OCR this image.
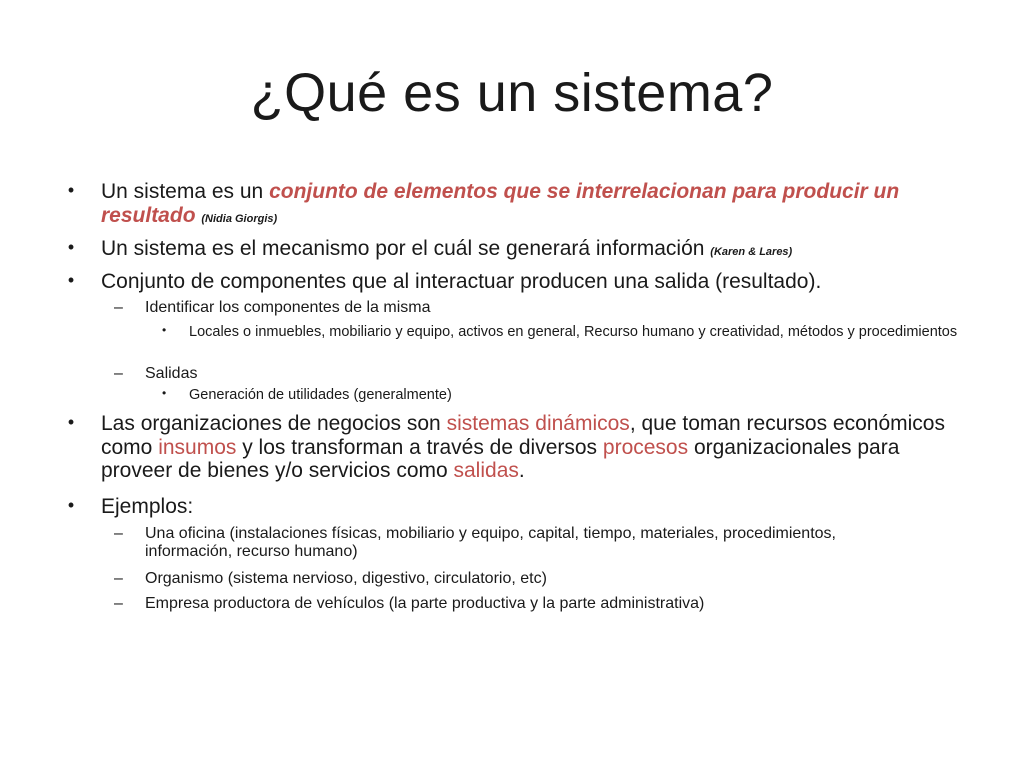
¿Qué es un sistema?
•	Un sistema es un conjunto de elementos que se interrelacionan para producir un resultado (Nidia Giorgis)
•	Un sistema es el mecanismo por el cuál se generará información (Karen & Lares)
•	Conjunto de componentes que al interactuar producen una salida (resultado).
– Identificar los componentes de la misma
• Locales o inmuebles, mobiliario y equipo, activos en general, Recurso humano y creatividad, métodos y procedimientos
– Salidas
• Generación de utilidades (generalmente)
•	Las organizaciones de negocios son sistemas dinámicos, que toman recursos económicos como insumos y los transforman a través de diversos procesos organizacionales para proveer de bienes y/o servicios como salidas.
•	Ejemplos:
– Una oficina (instalaciones físicas, mobiliario y equipo, capital, tiempo, materiales, procedimientos, información, recurso humano)
– Organismo (sistema nervioso, digestivo, circulatorio, etc)
– Empresa productora de vehículos (la parte productiva y la parte administrativa)
